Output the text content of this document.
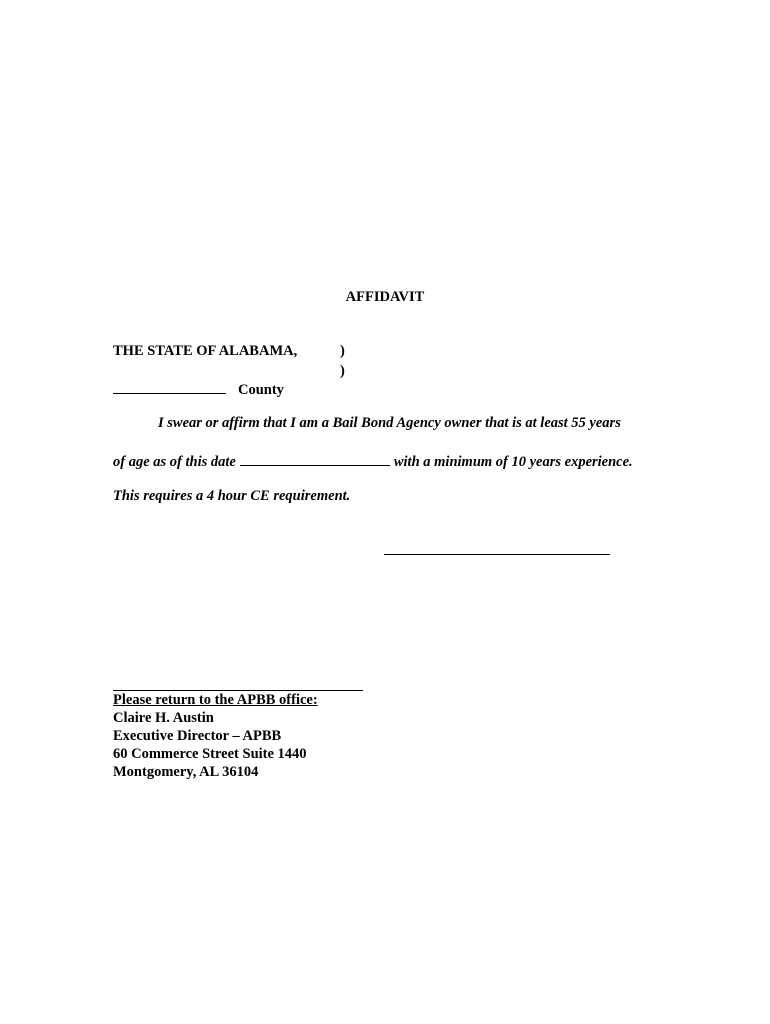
AFFIDAVIT
THE STATE OF ALABAMA,	)
)
County
I swear or affirm that I am a Bail Bond Agency owner that is at least 55 years
of age as of this date	with a minimum of 10 years experience.
This requires a 4 hour CE requirement.
Please return to the APBB office:
Claire H. Austin
Executive Director – APBB
60 Commerce Street Suite 1440
Montgomery, AL 36104
